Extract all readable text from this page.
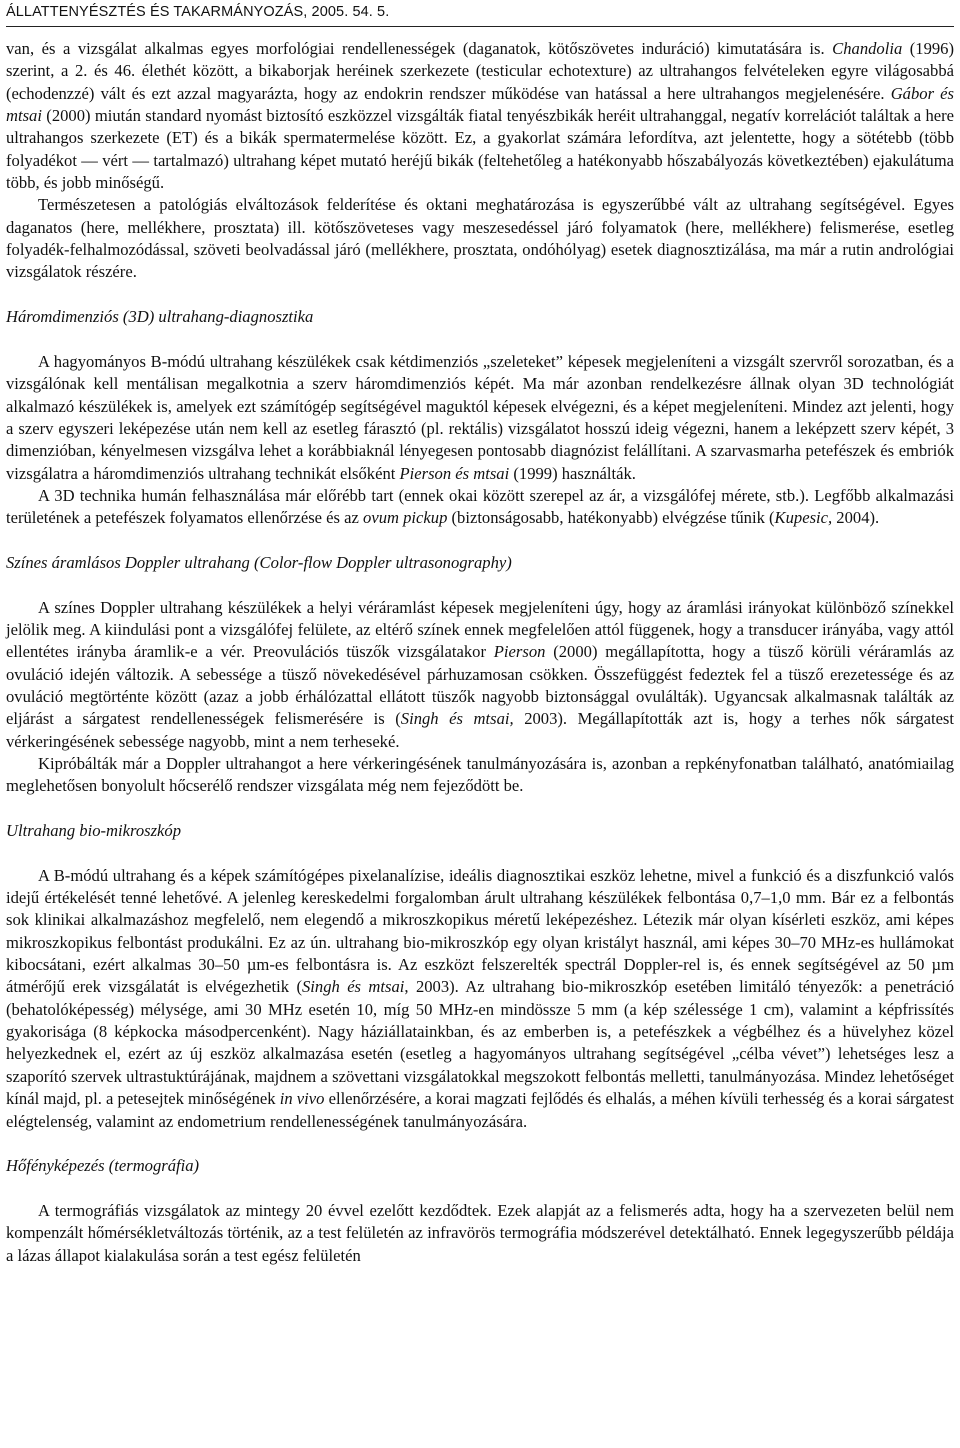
ÁLLATTENYÉSZTÉS ÉS TAKARMÁNYOZÁS, 2005. 54. 5.

van, és a vizsgálat alkalmas egyes morfológiai rendellenességek (daganatok, kötőszövetes induráció) kimutatására is. Chandolia (1996) szerint, a 2. és 46. élethét között, a bikaborjak heréinek szerkezete (testicular echotexture) az ultrahangos felvételeken egyre világosabbá (echodenzzé) vált és ezt azzal magyarázta, hogy az endokrin rendszer működése van hatással a here ultrahangos megjelenésére. Gábor és mtsai (2000) miután standard nyomást biztosító eszközzel vizsgálták fiatal tenyészbikák heréit ultrahanggal, negatív korrelációt találtak a here ultrahangos szerkezete (ET) és a bikák spermatermelése között. Ez, a gyakorlat számára lefordítva, azt jelentette, hogy a sötétebb (több folyadékot — vért — tartalmazó) ultrahang képet mutató heréjű bikák (feltehetőleg a hatékonyabb hőszabályozás következtében) ejakulátuma több, és jobb minőségű.

Természetesen a patológiás elváltozások felderítése és oktani meghatározása is egyszerűbbé vált az ultrahang segítségével. Egyes daganatos (here, mellékhere, prosztata) ill. kötőszöveteses vagy meszesedéssel járó folyamatok (here, mellékhere) felismerése, esetleg folyadék-felhalmozódással, szöveti beolvadással járó (mellékhere, prosztata, ondóhólyag) esetek diagnosztizálása, ma már a rutin andrológiai vizsgálatok részére.

Háromdimenziós (3D) ultrahang-diagnosztika

A hagyományos B-módú ultrahang készülékek csak kétdimenziós „szeleteket” képesek megjeleníteni a vizsgált szervről sorozatban, és a vizsgálónak kell mentálisan megalkotnia a szerv háromdimenziós képét. Ma már azonban rendelkezésre állnak olyan 3D technológiát alkalmazó készülékek is, amelyek ezt számítógép segítségével maguktól képesek elvégezni, és a képet megjeleníteni. Mindez azt jelenti, hogy a szerv egyszeri leképezése után nem kell az esetleg fárasztó (pl. rektális) vizsgálatot hosszú ideig végezni, hanem a leképzett szerv képét, 3 dimenzióban, kényelmesen vizsgálva lehet a korábbiaknál lényegesen pontosabb diagnózist felállítani. A szarvasmarha petefészek és embriók vizsgálatra a háromdimenziós ultrahang technikát elsőként Pierson és mtsai (1999) használták.

A 3D technika humán felhasználása már előrébb tart (ennek okai között szerepel az ár, a vizsgálófej mérete, stb.). Legfőbb alkalmazási területének a petefészek folyamatos ellenőrzése és az ovum pickup (biztonságosabb, hatékonyabb) elvégzése tűnik (Kupesic, 2004).

Színes áramlásos Doppler ultrahang (Color-flow Doppler ultrasonography)

A színes Doppler ultrahang készülékek a helyi véráramlást képesek megjeleníteni úgy, hogy az áramlási irányokat különböző színekkel jelölik meg. A kiindulási pont a vizsgálófej felülete, az eltérő színek ennek megfelelően attól függenek, hogy a transducer irányába, vagy attól ellentétes irányba áramlik-e a vér. Preovulációs tüszők vizsgálatakor Pierson (2000) megállapította, hogy a tüsző körüli véráramlás az ovuláció idején változik. A sebessége a tüsző növekedésével párhuzamosan csökken. Összefüggést fedeztek fel a tüsző erezetessége és az ovuláció megtörténte között (azaz a jobb érhálózattal ellátott tüszők nagyobb biztonsággal ovulálták). Ugyancsak alkalmasnak találták az eljárást a sárgatest rendellenességek felismerésére is (Singh és mtsai, 2003). Megállapították azt is, hogy a terhes nők sárgatest vérkeringésének sebessége nagyobb, mint a nem terheseké.

Kipróbálták már a Doppler ultrahangot a here vérkeringésének tanulmányozására is, azonban a repkényfonatban található, anatómiailag meglehetősen bonyolult hőcserélő rendszer vizsgálata még nem fejeződött be.

Ultrahang bio-mikroszkóp

A B-módú ultrahang és a képek számítógépes pixelanalízise, ideális diagnosztikai eszköz lehetne, mivel a funkció és a diszfunkció valós idejű értékelését tenné lehetővé. A jelenleg kereskedelmi forgalomban árult ultrahang készülékek felbontása 0,7–1,0 mm. Bár ez a felbontás sok klinikai alkalmazáshoz megfelelő, nem elegendő a mikroszkopikus méretű leképezéshez. Létezik már olyan kísérleti eszköz, ami képes mikroszkopikus felbontást produkálni. Ez az ún. ultrahang bio-mikroszkóp egy olyan kristályt használ, ami képes 30–70 MHz-es hullámokat kibocsátani, ezért alkalmas 30–50 µm-es felbontásra is. Az eszközt felszerelték spectrál Doppler-rel is, és ennek segítségével az 50 µm átmérőjű erek vizsgálatát is elvégezhetik (Singh és mtsai, 2003). Az ultrahang bio-mikroszkóp esetében limitáló tényezők: a penetráció (behatolóképesség) mélysége, ami 30 MHz esetén 10, míg 50 MHz-en mindössze 5 mm (a kép szélessége 1 cm), valamint a képfrissítés gyakorisága (8 képkocka másodpercenként). Nagy háziállatainkban, és az emberben is, a petefészkek a végbélhez és a hüvelyhez közel helyezkednek el, ezért az új eszköz alkalmazása esetén (esetleg a hagyományos ultrahang segítségével „célba vévet”) lehetséges lesz a szaporító szervek ultrastuktúrájának, majdnem a szövettani vizsgálatokkal megszokott felbontás melletti, tanulmányozása. Mindez lehetőséget kínál majd, pl. a petesejtek minőségének in vivo ellenőrzésére, a korai magzati fejlődés és elhalás, a méhen kívüli terhesség és a korai sárgatest elégtelenség, valamint az endometrium rendellenességének tanulmányozására.

Hőfényképezés (termográfia)

A termográfiás vizsgálatok az mintegy 20 évvel ezelőtt kezdődtek. Ezek alapját az a felismerés adta, hogy ha a szervezeten belül nem kompenzált hőmérsékletváltozás történik, az a test felületén az infravörös termográfia módszerével detektálható. Ennek legegyszerűbb példája a lázas állapot kialakulása során a test egész felületén
